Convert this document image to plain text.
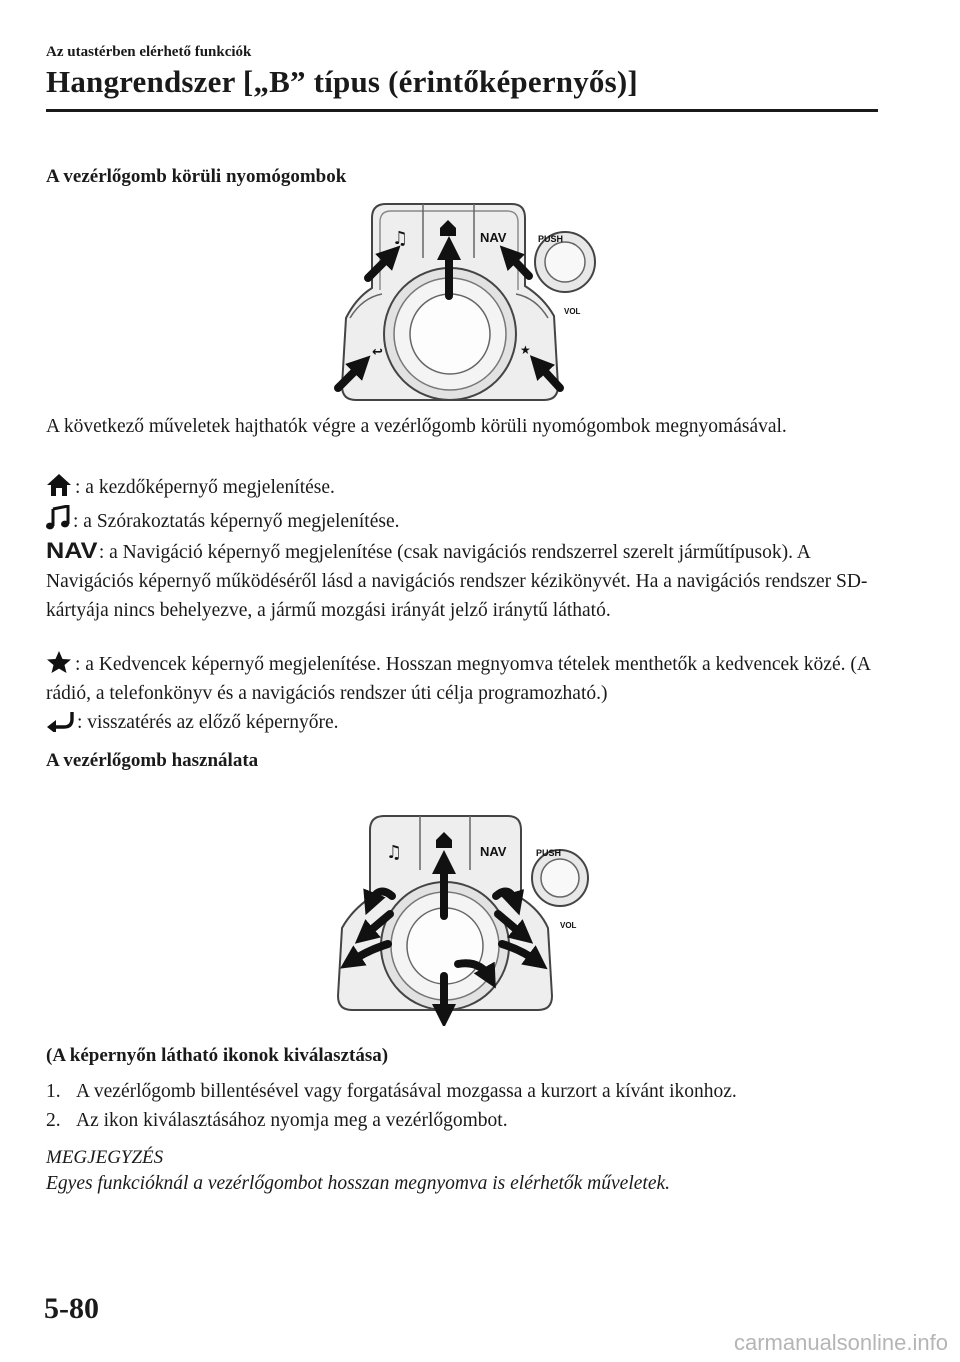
Az utastérben elérhető funkciók
Hangrendszer [„B” típus (érintőképernyős)]
A vezérlőgomb körüli nyomógombok
♫	NAV
↩	★
PUSH
VOL
A következő műveletek hajthatók végre a vezérlőgomb körüli nyomógombok megnyomásával.
: a kezdőképernyő megjelenítése.
: a Szórakoztatás képernyő megjelenítése.
NAV: a Navigáció képernyő megjelenítése (csak navigációs rendszerrel szerelt járműtípusok). A Navigációs képernyő működéséről lásd a navigációs rendszer kézikönyvét. Ha a navigációs rendszer SD-kártyája nincs behelyezve, a jármű mozgási irányát jelző iránytű látható.
: a Kedvencek képernyő megjelenítése. Hosszan megnyomva tételek menthetők a kedvencek közé. (A rádió, a telefonkönyv és a navigációs rendszer úti célja programozható.)
: visszatérés az előző képernyőre.
A vezérlőgomb használata
♫	NAV	PUSH
VOL
(A képernyőn látható ikonok kiválasztása)
1. A vezérlőgomb billentésével vagy forgatásával mozgassa a kurzort a kívánt ikonhoz.
2. Az ikon kiválasztásához nyomja meg a vezérlőgombot.
MEGJEGYZÉS
Egyes funkcióknál a vezérlőgombot hosszan megnyomva is elérhetők műveletek.
5-80
carmanualsonline.info
